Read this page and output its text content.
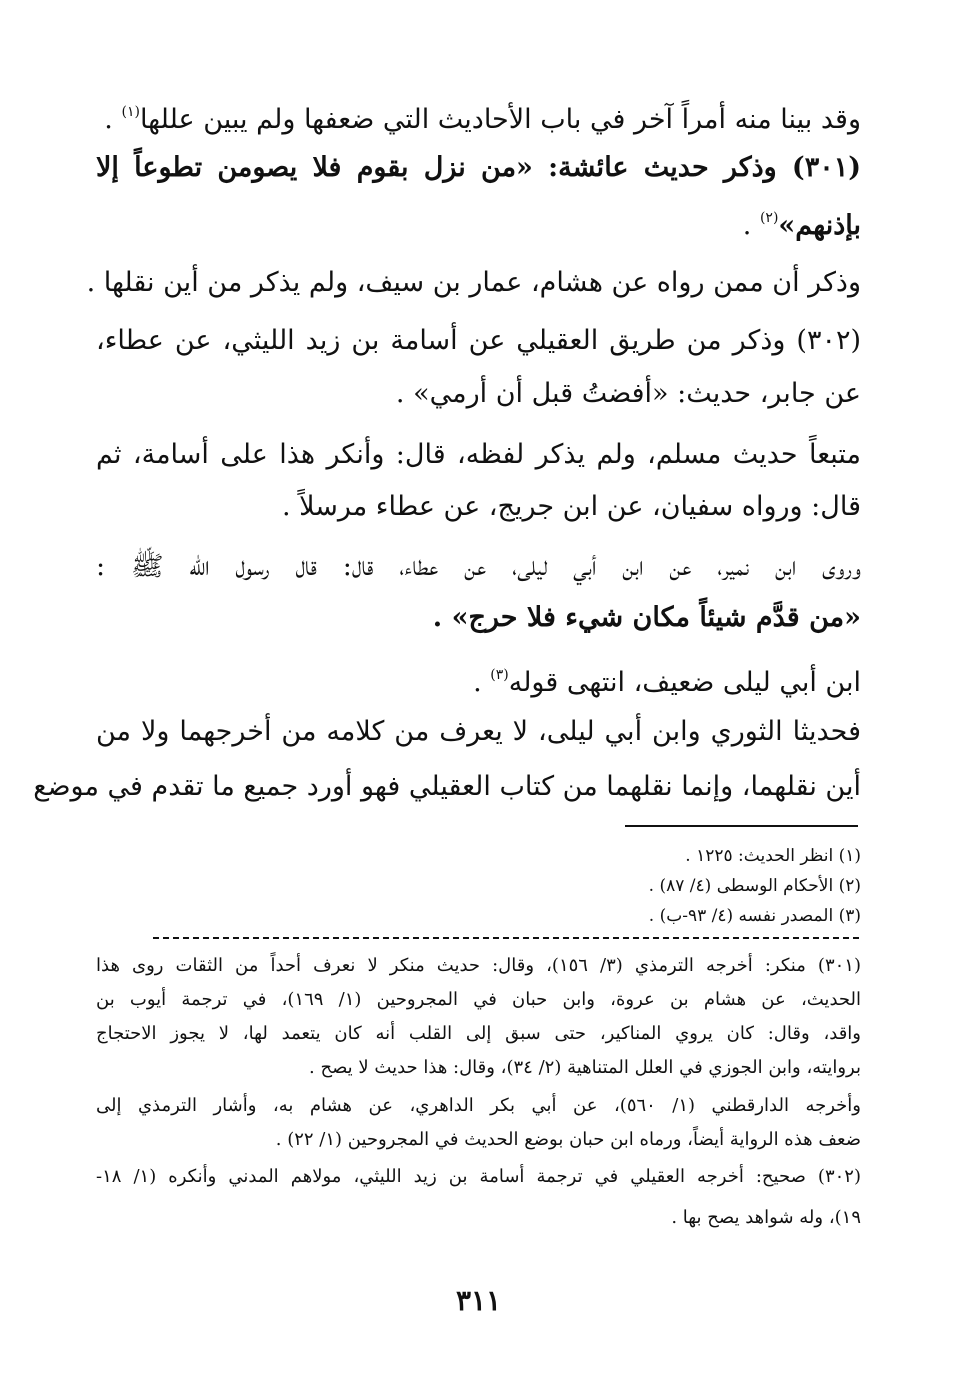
وقد بينا منه أمراً آخر في باب الأحاديث التي ضعفها ولم يبين عللها$^{(١)}$ .
(٣٠١) وذكر حديث عائشة: «من نزل بقوم فلا يصومن تطوعاً إلا
بإذنهم»$^{(٢)}$ .
وذكر أن ممن رواه عن هشام، عمار بن سيف، ولم يذكر من أين نقلها .
(٣٠٢) وذكر من طريق العقيلي عن أسامة بن زيد الليثي، عن عطاء،
عن جابر، حديث: «أفضتُ قبل أن أرمي» .
متبعاً حديث مسلم، ولم يذكر لفظه، قال: وأنكر هذا على أسامة، ثم
قال: ورواه سفيان، عن ابن جريج، عن عطاء مرسلاً .
وروى ابن نمير، عن ابن أبي ليلى، عن عطاء، قال: قال رسول الله ﷺ :
«من قدَّم شيئاً مكان شيء فلا حرج» .
ابن أبي ليلى ضعيف، انتهى قوله$^{(٣)}$ .
فحديثا الثوري وابن أبي ليلى، لا يعرف من كلامه من أخرجهما ولا من
أين نقلهما، وإنما نقلهما من كتاب العقيلي فهو أورد جميع ما تقدم في موضع
(١) انظر الحديث: ١٢٢٥ .
(٢) الأحكام الوسطى (٤/ ٨٧) .
(٣) المصدر نفسه (٤/ ٩٣-ب) .
(٣٠١) منكر: أخرجه الترمذي (٣/ ١٥٦)، وقال: حديث منكر لا نعرف أحداً من الثقات روى هذا
الحديث، عن هشام بن عروة، وابن حبان في المجروحين (١/ ١٦٩)، في ترجمة أيوب بن
واقد، وقال: كان يروي المناكير، حتى سبق إلى القلب أنه كان يتعمد لها، لا يجوز الاحتجاج
بروايته، وابن الجوزي في العلل المتناهية (٢/ ٣٤)، وقال: هذا حديث لا يصح .
وأخرجه الدارقطني (١/ ٥٦٠)، عن أبي بكر الداهري، عن هشام به، وأشار الترمذي إلى
ضعف هذه الرواية أيضاً، ورماه ابن حبان بوضع الحديث في المجروحين (١/ ٢٢) .
(٣٠٢) صحيح: أخرجه العقيلي في ترجمة أسامة بن زيد الليثي، مولاهم المدني وأنكره (١/ ١٨-
١٩)، وله شواهد يصح بها .
٣١١
